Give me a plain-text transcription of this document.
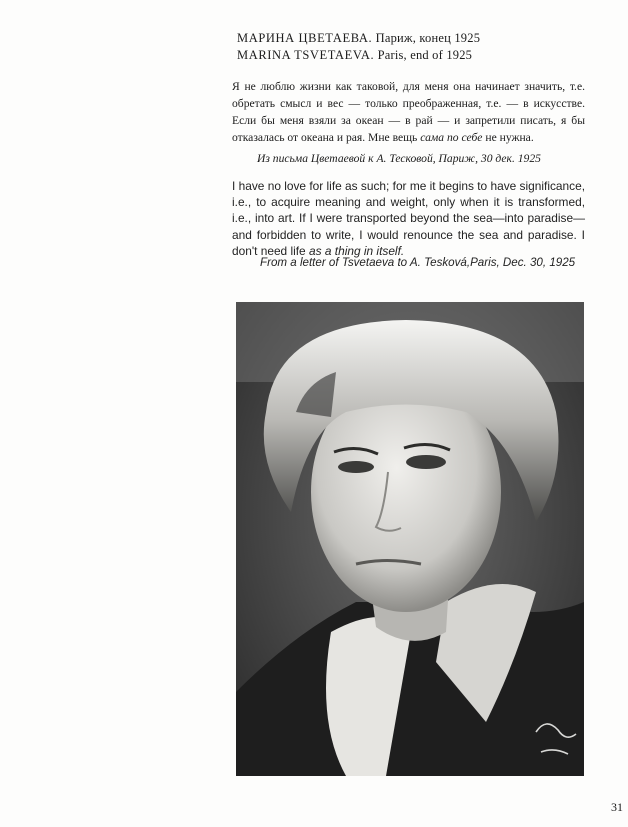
МАРИНА ЦВЕТАЕВА. Париж, конец 1925
MARINA TSVETAEVA. Paris, end of 1925
Я не люблю жизни как таковой, для меня она начинает значить, т.е. обретать смысл и вес — только преображенная, т.е. — в искусстве. Если бы меня взяли за океан — в рай — и запретили писать, я бы отказалась от океана и рая. Мне вещь сама по себе не нужна.
Из письма Цветаевой к А. Тесковой, Париж, 30 дек. 1925
I have no love for life as such; for me it begins to have significance, i.e., to acquire meaning and weight, only when it is transformed, i.e., into art. If I were transported beyond the sea—into paradise—and forbidden to write, I would renounce the sea and paradise. I don't need life as a thing in itself.
From a letter of Tsvetaeva to A. Tesková,Paris, Dec. 30, 1925
31
